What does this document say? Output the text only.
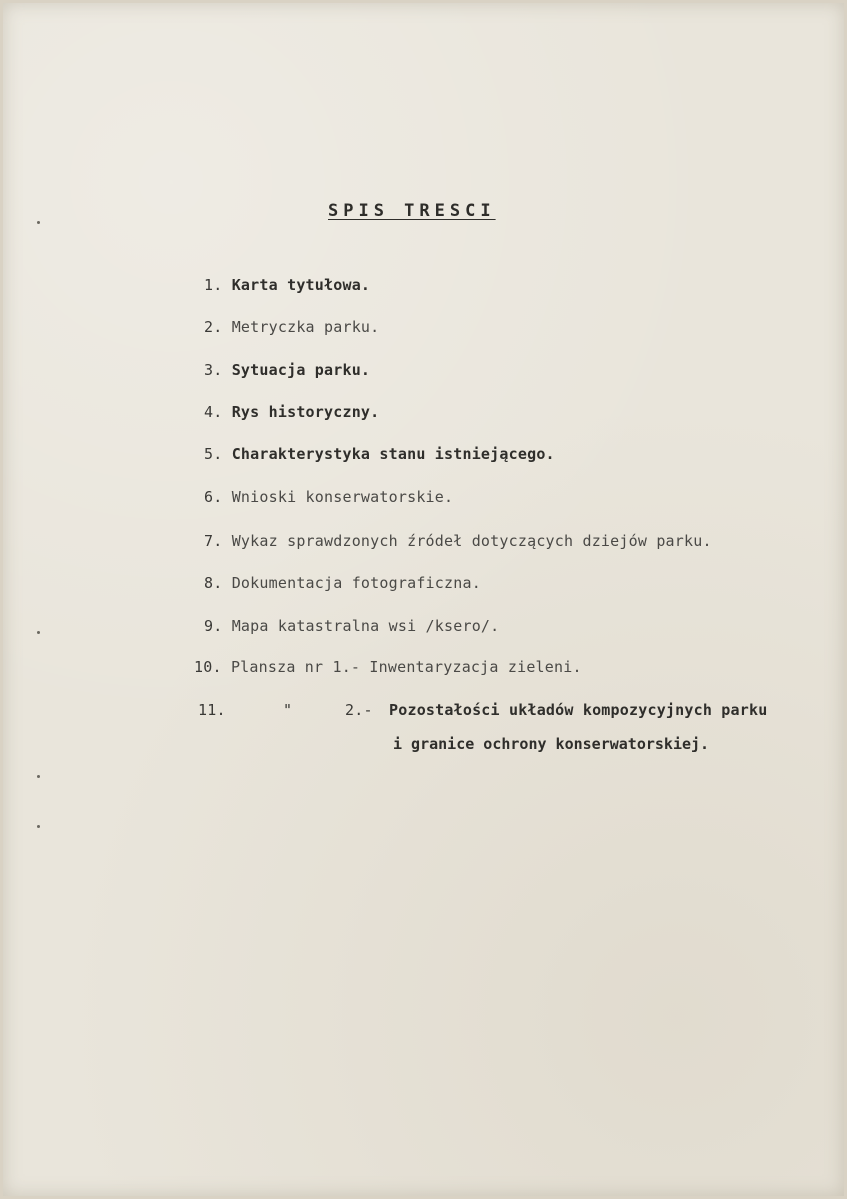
SPIS TRESCI
1. Karta tytułowa.
2. Metryczka parku.
3. Sytuacja parku.
4. Rys historyczny.
5. Charakterystyka stanu istniejącego.
6. Wnioski konserwatorskie.
7. Wykaz sprawdzonych źródeł dotyczących dziejów parku.
8. Dokumentacja fotograficzna.
9. Mapa katastralna wsi /ksero/.
10. Plansza nr 1.- Inwentaryzacja zieleni.
11.	"	2.- Pozostałości układów kompozycyjnych parku
i granice ochrony konserwatorskiej.
